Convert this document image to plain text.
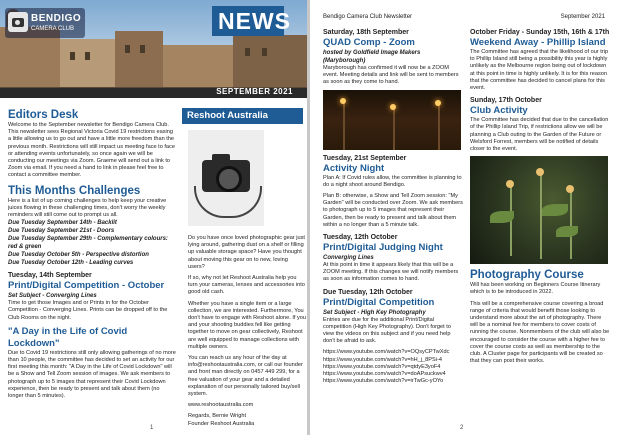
BENDIGO
CAMERA CLUB	NEWS
SEPTEMBER 2021
Editors Desk

Welcome to the September newsletter for Bendigo Camera Club. This newsletter sees Regional Victoria Covid 19 restrictions easing a little allowing us to go out and have a little more freedom than the previous month. Restrictions will still impact us meeting face to face or attending events unfortunately, so once again we will be conducting our meetings via Zoom. Graeme will send out a link to Zoom via email. If you need a hand to link in please feel free to contact a committee member.

This Months Challenges

Here is a list of up coming challenges to help keep your creative juices flowing in these challenging times, don't worry the weekly reminders will still come out to prompt us all.

Due Tuesday September 14th - Backlit

Due Tuesday September 21st - Doors

Due Tuesday September 29th - Complementary colours: red & green

Due Tuesday October 5th - Perspective distortion

Due Tuesday October 12th - Leading curves

Tuesday, 14th September

Print/Digital Competition - October

Set Subject - Converging Lines

Time to get those Images and or Prints in for the October Competition - Converging Lines. Prints can be dropped off to the Club Rooms on the night.

"A Day in the Life of Covid Lockdown"

Due to Covid 19 restrictions still only allowing gatherings of no more than 10 people, the committee has decided to set an activity for our first meeting this month: "A Day in the Life of Covid Lockdown" will be a Show and Tell Zoom session of images. We ask members to photograph up to 5 images that represent their Covid Lockdown experience, then be ready to present and talk about them (no longer than 5 minutes).

Reshoot Australia

Do you have once loved photographic gear just lying around, gathering dust on a shelf or filling up valuable storage space? Have you thought about moving this gear on to new, loving users?

If so, why not let Reshoot Australia help you turn your cameras, lenses and accessories into good old cash.

Whether you have a single item or a large collection, we are interested. Furthermore, You don't have to engage with Reshoot alone. If you and your shooting buddies fell like getting together to move on gear collectively, Reshoot are well equipped to manage collections with multiple owners.

You can reach us any hour of the day at info@reshootaustralia.com, or call our founder and front man directly on 0457 449 299, for a free valuation of your gear and a detailed explanation of our personally tailored buy/sell system.

www.reshootaustralia.com

Regards, Bernie Wright

Founder Reshoot Australia

1
Bendigo Camera Club Newsletter	September 2021

Saturday, 18th September

QUAD Comp - Zoom

hosted by Goldfield Image Makers (Maryborough)

Maryborough has confirmed it will now be a ZOOM event. Meeting details and link will be sent to members as soon as they come to hand.

Tuesday, 21st September

Activity Night

Plan A: If Covid rules allow, the committee is planning to do a night shoot around Bendigo.

Plan B: otherwise, a Show and Tell Zoom session: "My Garden" will be conducted over Zoom. We ask members to photograph up to 5 images that represent their Garden, then be ready to present and talk about them within a no longer than a 5 minute talk.

Tuesday, 12th October

Print/Digital Judging Night

Converging Lines

At this point in time it appears likely that this will be a ZOOM meeting. If this changes we will notify members as soon as information comes to hand.

Due Tuesday, 12th October

Print/Digital Competition

Set Subject - High Key Photography

Entries are due for the additional Print/Digital competition (High Key Photography). Don't forget to view the videos on this subject and if you need help don't be afraid to ask.

https://www.youtube.com/watch?v=OQsyCPTwXdc

https://www.youtube.com/watch?v=hH_j_8PSi-4

https://www.youtube.com/watch?v=qtdyE3yoF4

https://www.youtube.com/watch?v=doAPsuckwv4

https://www.youtube.com/watch?v=irTwGc-yOYo

October Friday - Sunday 15th, 16th & 17th

Weekend Away - Phillip Island

The Committee has agreed that the likelihood of our trip to Phillip Island still being a possibility this year is highly unlikely as the Melbourne region being out of lockdown at this point in time is highly unlikely. It is for this reason that the committee has decided to cancel plans for this event.

Sunday, 17th October

Club Activity

The Committee has decided that due to the cancellation of the Phillip Island Trip, if restrictions allow we will be planning a Club outing to the Garden of the Future or Welsford Forrest, members will be notified of details closer to the event.

Photography Course

Will has been working on Beginners Course Itinerary which is to be introduced in 2022.

This will be a comprehensive course covering a broad range of criteria that would benefit those looking to understand more about the art of photography. There will be a nominal fee for members to cover costs of running the course. Nonmembers of the club will also be encouraged to consider the course with a higher fee to cover the course costs as well as membership to the club. A Cluster page for participants will be created so that they can post their works.

2
